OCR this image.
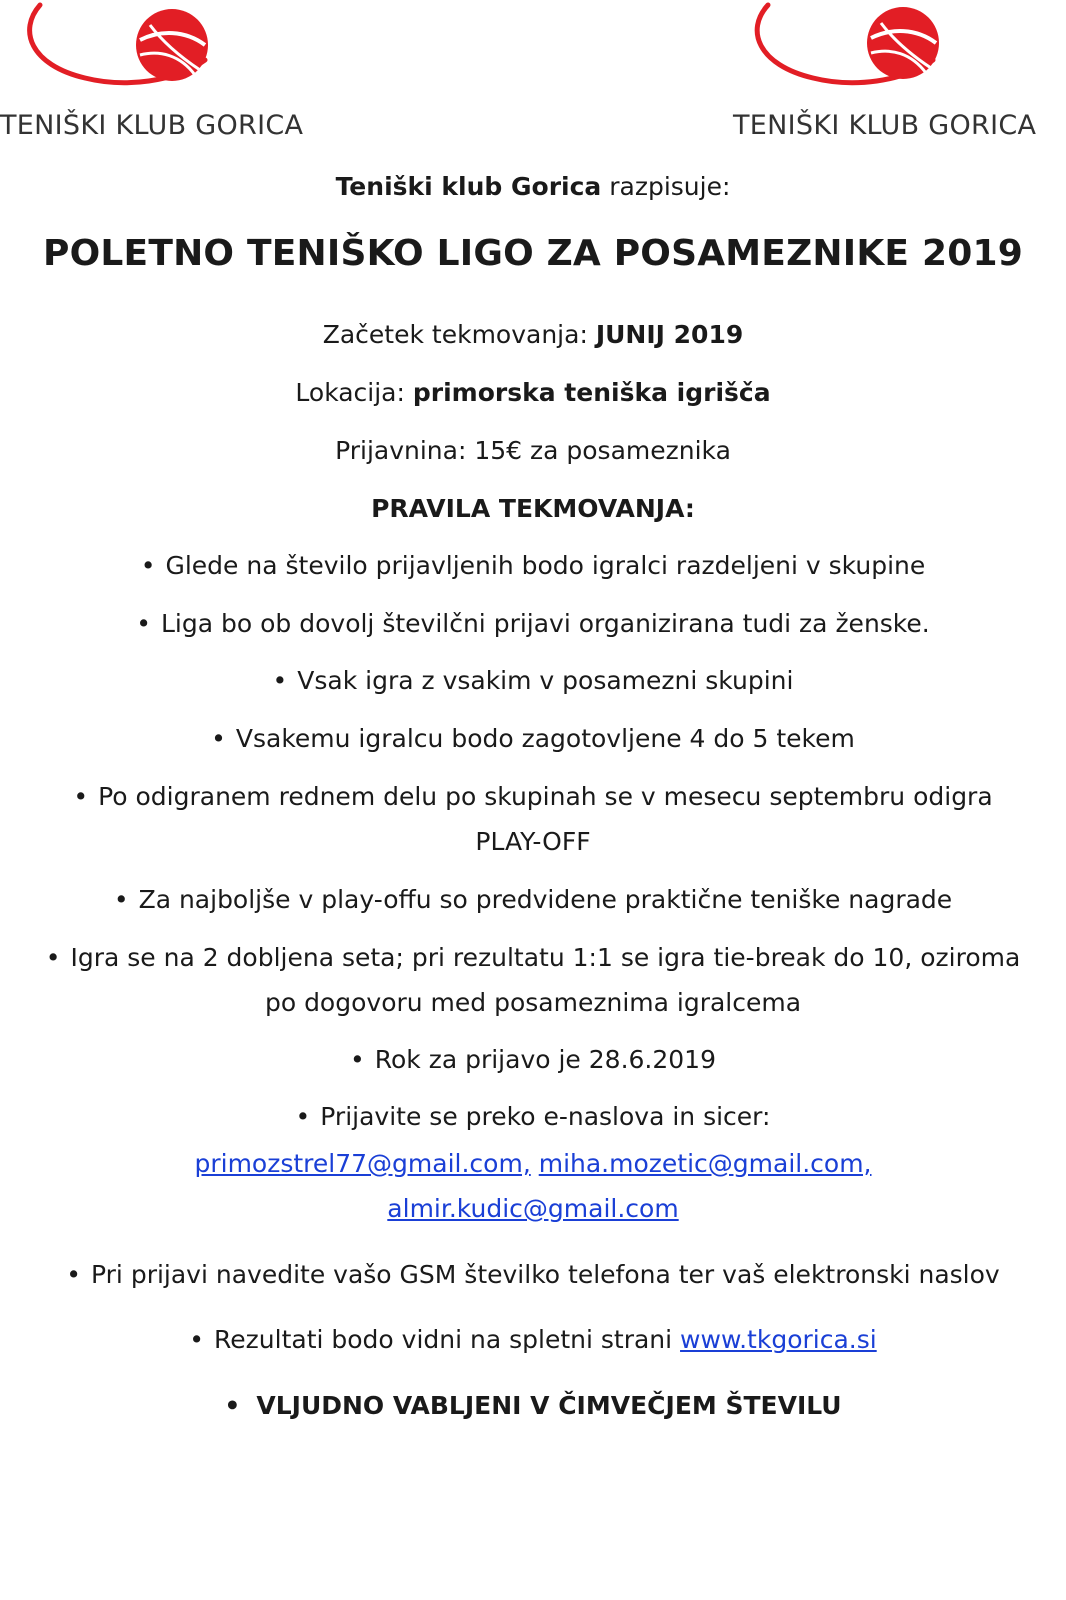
TENIŠKI KLUB GORICA	TENIŠKI KLUB GORICA
Teniški klub Gorica razpisuje:
POLETNO TENIŠKO LIGO ZA POSAMEZNIKE 2019
Začetek tekmovanja: JUNIJ 2019
Lokacija: primorska teniška igrišča
Prijavnina: 15€ za posameznika
PRAVILA TEKMOVANJA:
• Glede na število prijavljenih bodo igralci razdeljeni v skupine
• Liga bo ob dovolj številčni prijavi organizirana tudi za ženske.
• Vsak igra z vsakim v posamezni skupini
• Vsakemu igralcu bodo zagotovljene 4 do 5 tekem
• Po odigranem rednem delu po skupinah se v mesecu septembru odigra
PLAY-OFF
• Za najboljše v play-offu so predvidene praktične teniške nagrade
• Igra se na 2 dobljena seta; pri rezultatu 1:1 se igra tie-break do 10, oziroma
po dogovoru med posameznima igralcema
• Rok za prijavo je 28.6.2019
• Prijavite se preko e-naslova in sicer:
primozstrel77@gmail.com, miha.mozetic@gmail.com,
almir.kudic@gmail.com
• Pri prijavi navedite vašo GSM številko telefona ter vaš elektronski naslov
• Rezultati bodo vidni na spletni strani www.tkgorica.si
• VLJUDNO VABLJENI V ČIMVEČJEM ŠTEVILU
